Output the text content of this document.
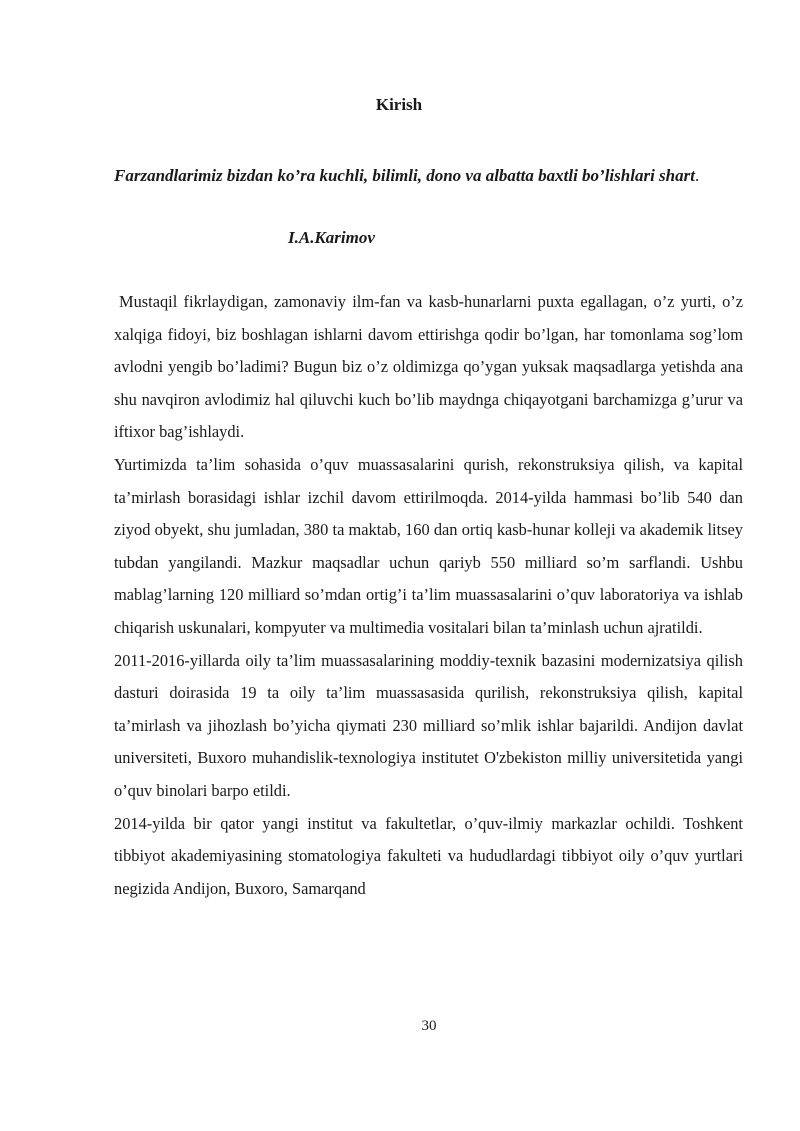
Kirish
Farzandlarimiz bizdan ko’ra kuchli, bilimli, dono va albatta baxtli bo’lishlari shart.
I.A.Karimov

Mustaqil fikrlaydigan, zamonaviy ilm-fan va kasb-hunarlarni puxta egallagan, o’z yurti, o’z xalqiga fidoyi, biz boshlagan ishlarni davom ettirishga qodir bo’lgan, har tomonlama sog’lom avlodni yengib bo’ladimi? Bugun biz o’z oldimizga qo’ygan yuksak maqsadlarga yetishda ana shu navqiron avlodimiz hal qiluvchi kuch bo’lib maydnga chiqayotgani barchamizga g’urur va iftixor bag’ishlaydi.

Yurtimizda ta’lim sohasida o’quv muassasalarini qurish, rekonstruksiya qilish, va kapital ta’mirlash borasidagi ishlar izchil davom ettirilmoqda. 2014-yilda hammasi bo’lib 540 dan ziyod obyekt, shu jumladan, 380 ta maktab, 160 dan ortiq kasb-hunar kolleji va akademik litsey tubdan yangilandi. Mazkur maqsadlar uchun qariyb 550 milliard so’m sarflandi. Ushbu mablag’larning 120 milliard so’mdan ortig’i ta’lim muassasalarini o’quv laboratoriya va ishlab chiqarish uskunalari, kompyuter va multimedia vositalari bilan ta’minlash uchun ajratildi.

2011-2016-yillarda oily ta’lim muassasalarining moddiy-texnik bazasini modernizatsiya qilish dasturi doirasida 19 ta oily ta’lim muassasasida qurilish, rekonstruksiya qilish, kapital ta’mirlash va jihozlash bo’yicha qiymati 230 milliard so’mlik ishlar bajarildi. Andijon davlat universiteti, Buxoro muhandislik-texnologiya institutet O'zbekiston milliy universitetida yangi o’quv binolari barpo etildi.

2014-yilda bir qator yangi institut va fakultetlar, o’quv-ilmiy markazlar ochildi. Toshkent tibbiyot akademiyasining stomatologiya fakulteti va hududlardagi tibbiyot oily o’quv yurtlari negizida Andijon, Buxoro, Samarqand

30
